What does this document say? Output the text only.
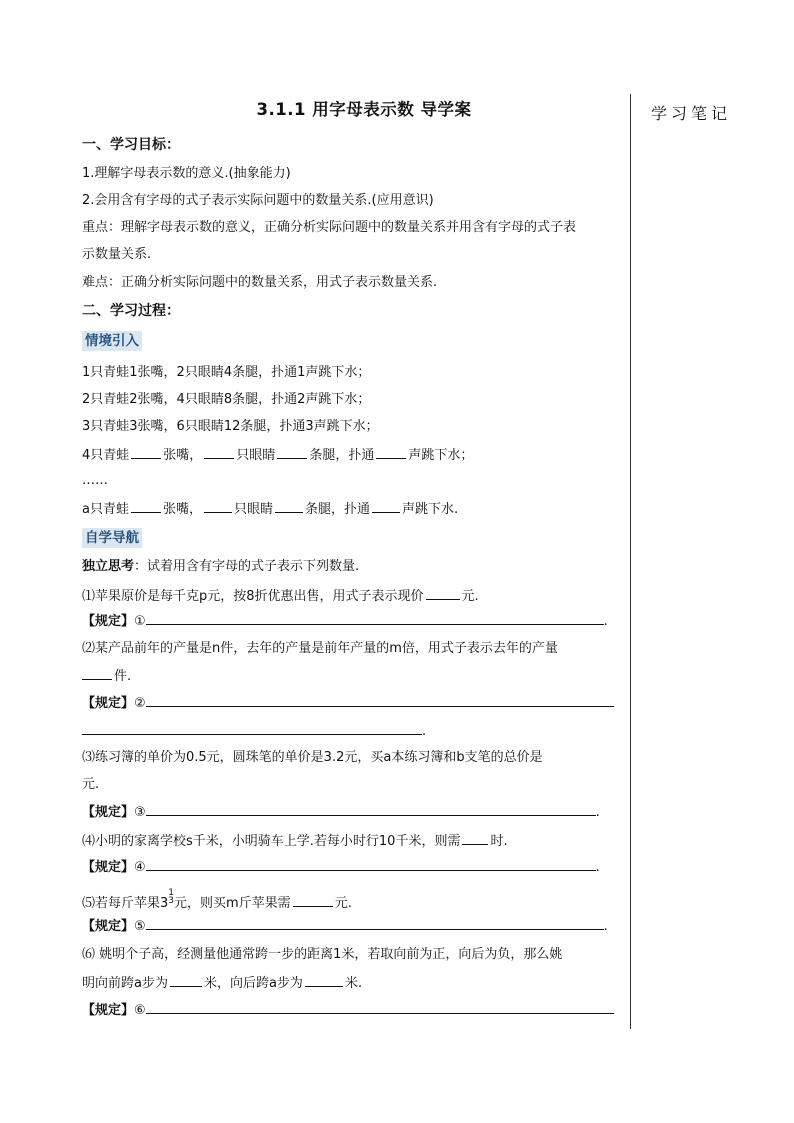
学习笔记
3.1.1 用字母表示数 导学案
一、学习目标：
1.理解字母表示数的意义.(抽象能力)
2.会用含有字母的式子表示实际问题中的数量关系.(应用意识)
重点：理解字母表示数的意义，正确分析实际问题中的数量关系并用含有字母的式子表
示数量关系.
难点：正确分析实际问题中的数量关系，用式子表示数量关系.
二、学习过程：
情境引入
1只青蛙1张嘴，2只眼睛4条腿，扑通1声跳下水；
2只青蛙2张嘴，4只眼睛8条腿，扑通2声跳下水；
3只青蛙3张嘴，6只眼睛12条腿，扑通3声跳下水；
4只青蛙	张嘴，	只眼睛	条腿，扑通	声跳下水；
……
a只青蛙	张嘴， 只眼睛 条腿，扑通 声跳下水.
自学导航
独立思考：试着用含有字母的式子表示下列数量.
⑴苹果原价是每千克p元，按8折优惠出售，用式子表示现价	元.
【规定】①	.
⑵某产品前年的产量是n件，去年的产量是前年产量的m倍，用式子表示去年的产量
件.
【规定】②
.
⑶练习簿的单价为0.5元，圆珠笔的单价是3.2元，买a本练习簿和b支笔的总价是
元.
【规定】③	.
⑷小明的家离学校s千米，小明骑车上学.若每小时行10千米，则需 时.
【规定】④	.
⑸若每斤苹果31
3元，则买m斤苹果需	元.
【规定】⑤	.
⑹ 姚明个子高，经测量他通常跨一步的距离1米，若取向前为正，向后为负，那么姚
明向前跨a步为	米，向后跨a步为	米.
【规定】⑥
